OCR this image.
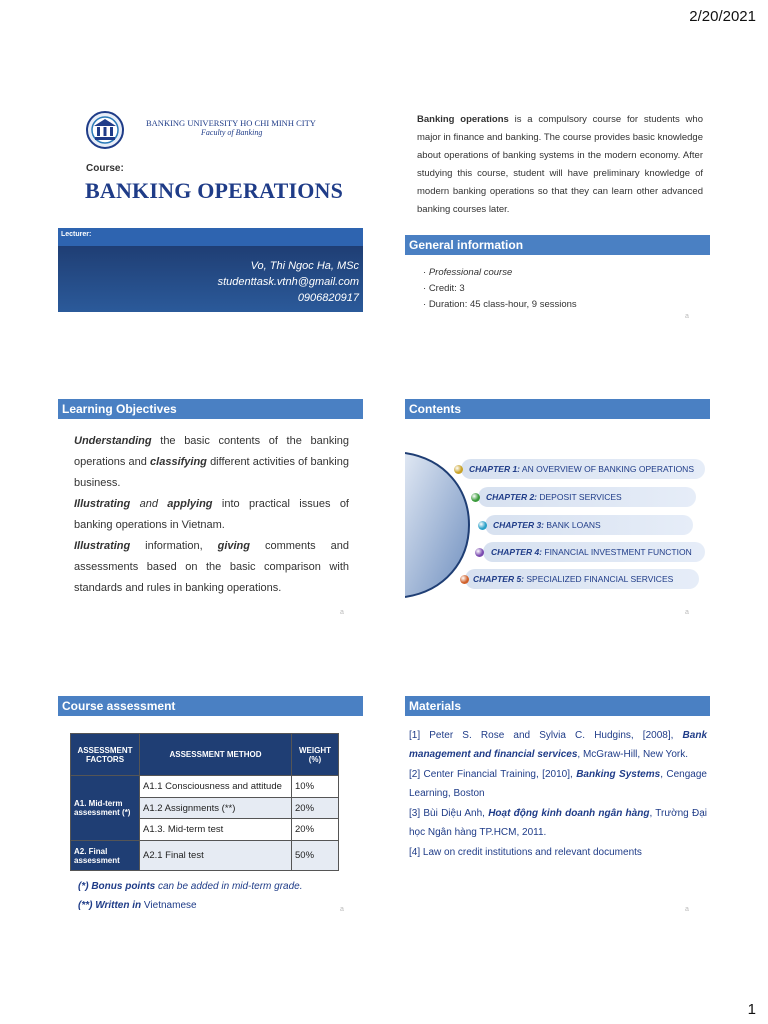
2/20/2021
BANKING UNIVERSITY HO CHI MINH CITY
Faculty of Banking
Course:
BANKING OPERATIONS
Lecturer:
Vo, Thi Ngoc Ha, MSc
studenttask.vtnh@gmail.com
0906820917
Banking operations is a compulsory course for students who major in finance and banking. The course provides basic knowledge about operations of banking systems in the modern economy. After studying this course, student will have preliminary knowledge of modern banking operations so that they can learn other advanced banking courses later.
General information
· Professional course
· Credit: 3
· Duration: 45 class-hour, 9 sessions
a
Learning Objectives
Understanding the basic contents of the banking operations and classifying different activities of banking business.
Illustrating and applying into practical issues of banking operations in Vietnam.
Illustrating information, giving comments and assessments based on the basic comparison with standards and rules in banking operations.
a
Contents
CHAPTER 1: AN OVERVIEW OF BANKING OPERATIONS
CHAPTER 2: DEPOSIT SERVICES
CHAPTER 3: BANK LOANS
CHAPTER 4: FINANCIAL INVESTMENT FUNCTION
CHAPTER 5: SPECIALIZED FINANCIAL SERVICES
a
Course assessment
ASSESSMENT FACTORS	ASSESSMENT METHOD	WEIGHT (%)
A1. Mid-term assessment (*)	A1.1 Consciousness and attitude	10%
	A1.2 Assignments (**)	20%
	A1.3. Mid-term test	20%
A2. Final assessment	A2.1 Final test	50%
(*) Bonus points can be added in mid-term grade.
(**) Written in Vietnamese	a
Materials

[1] Peter S. Rose and Sylvia C. Hudgins, [2008], Bank management and financial services, McGraw-Hill, New York.

[2] Center Financial Training, [2010], Banking Systems, Cengage Learning, Boston

[3] Bùi Diệu Anh, Hoạt động kinh doanh ngân hàng, Trường Đại học Ngân hàng TP.HCM, 2011.

[4] Law on credit institutions and relevant documents

a
1
